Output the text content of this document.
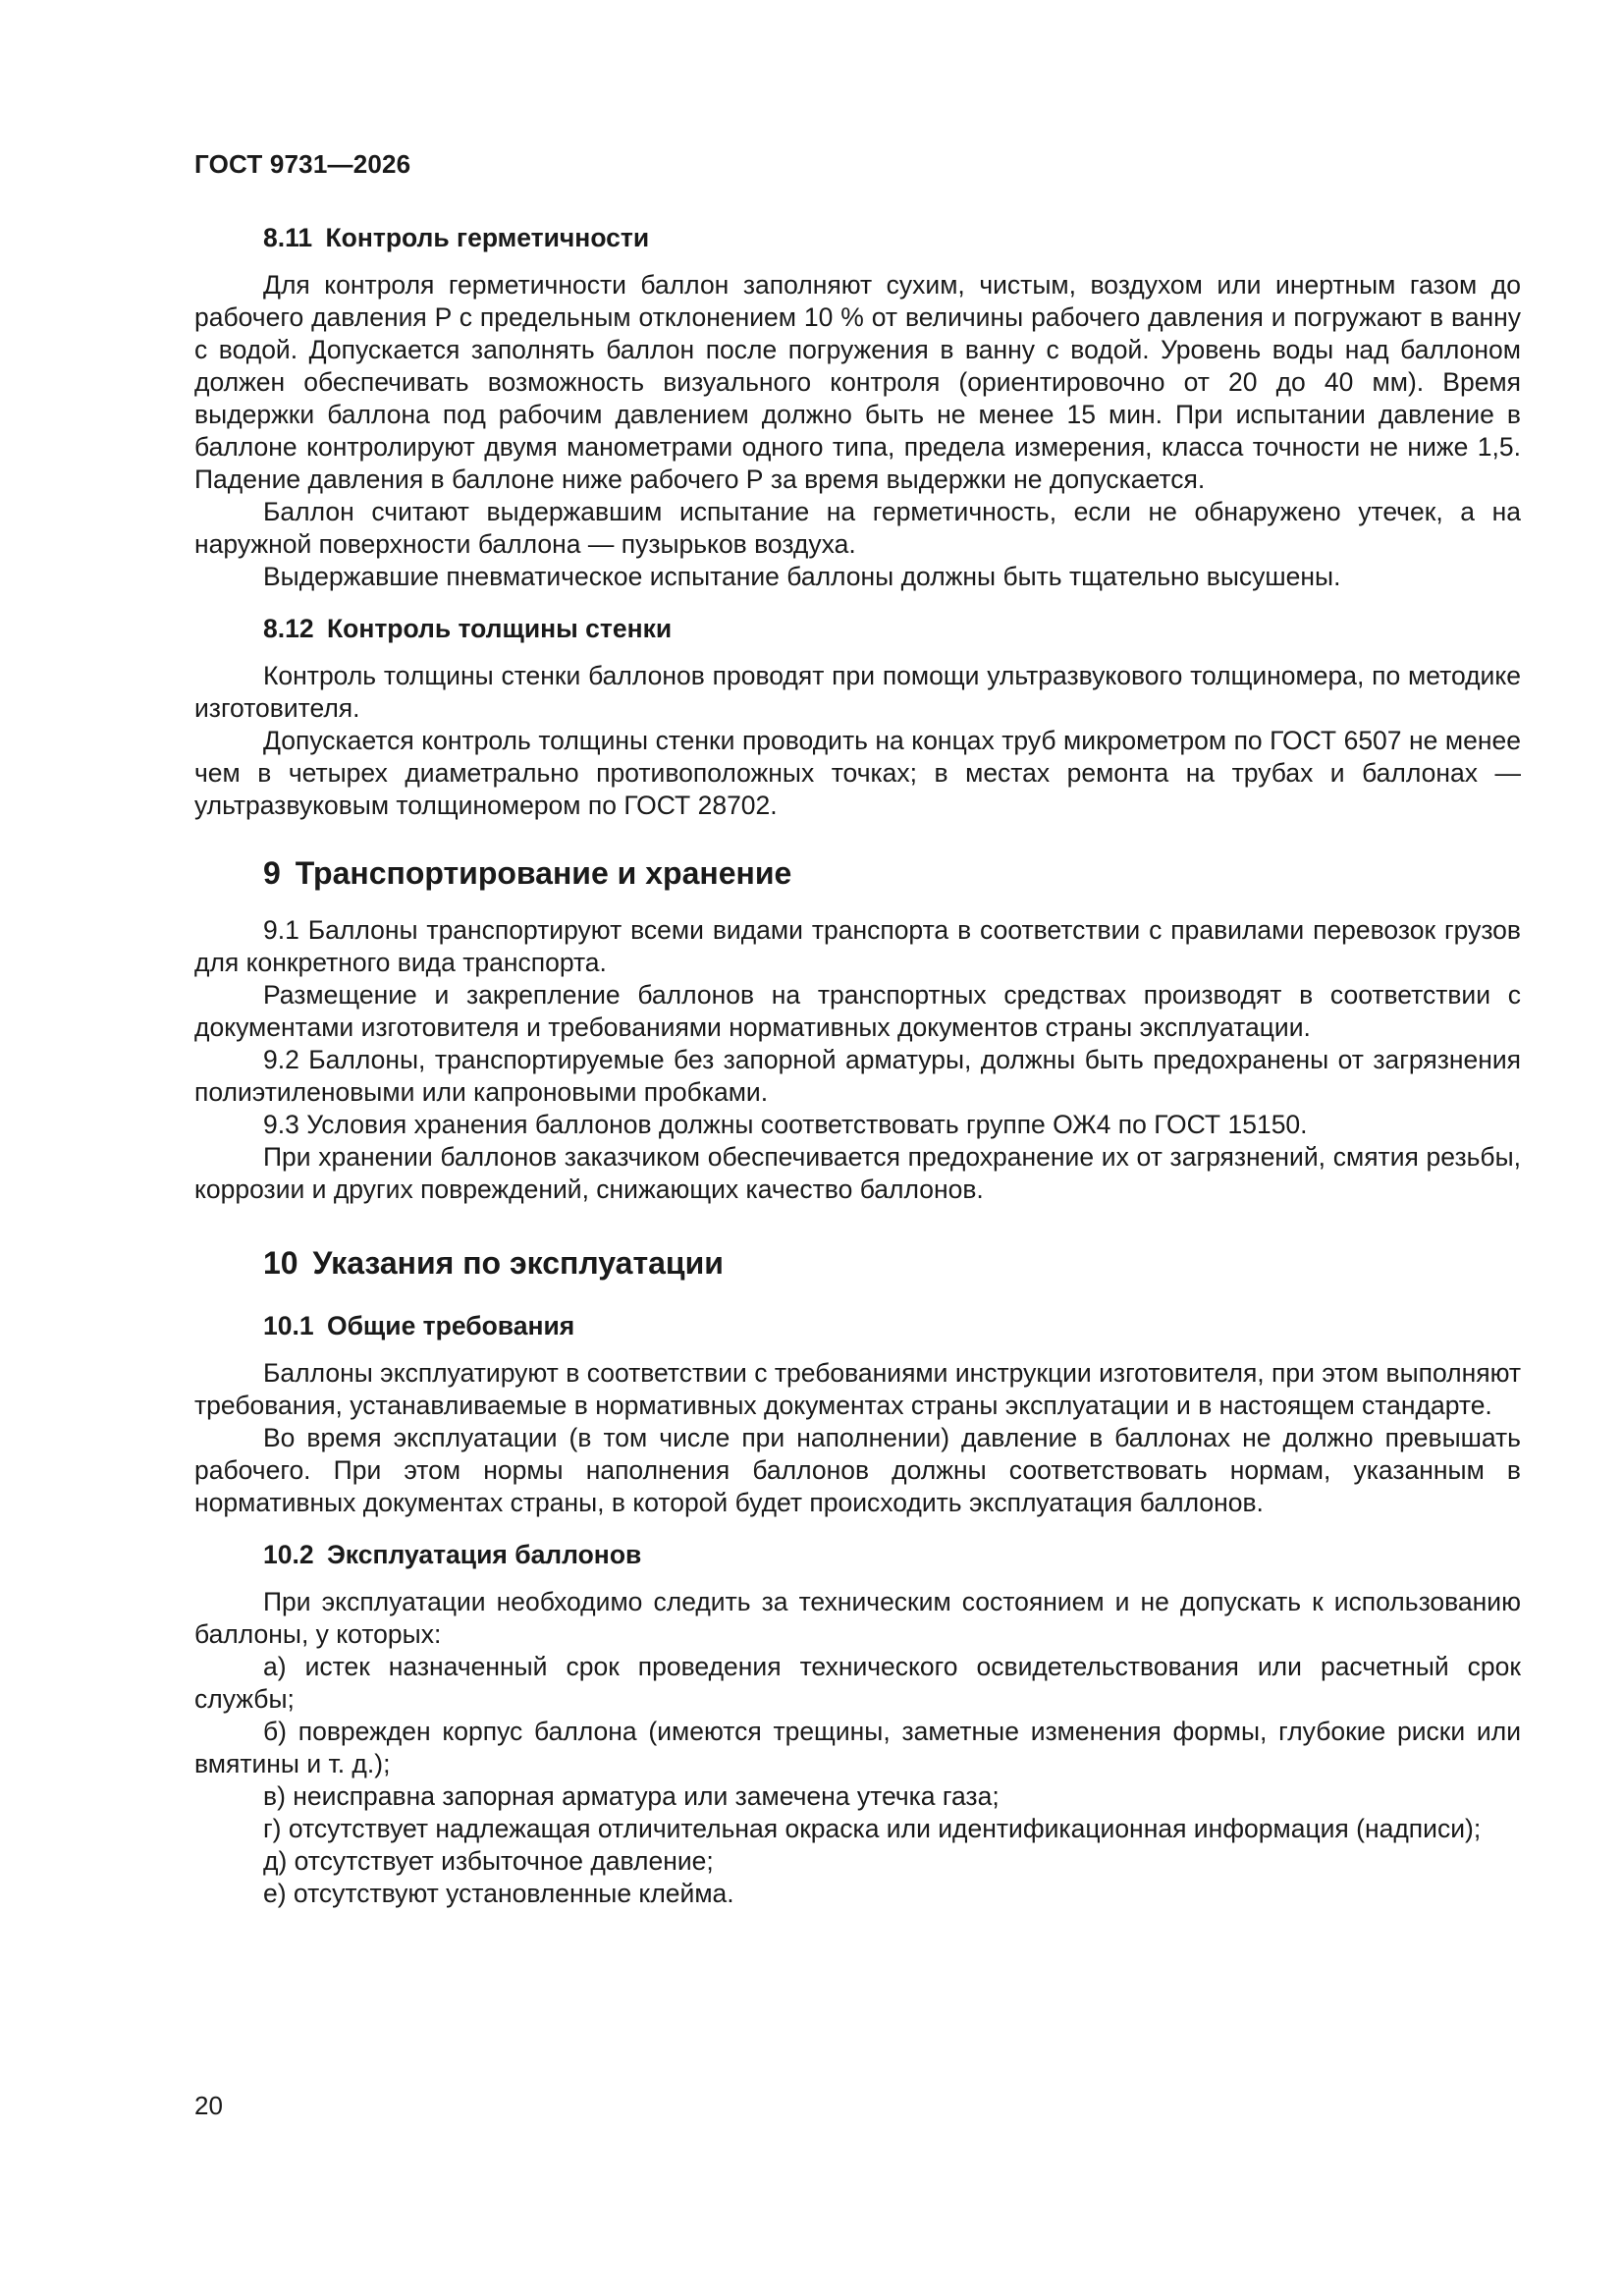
ГОСТ 9731—2026
8.11 Контроль герметичности

Для контроля герметичности баллон заполняют сухим, чистым, воздухом или инертным газом до рабочего давления P с предельным отклонением 10 % от величины рабочего давления и погружают в ванну с водой. Допускается заполнять баллон после погружения в ванну с водой. Уровень воды над баллоном должен обеспечивать возможность визуального контроля (ориентировочно от 20 до 40 мм). Время выдержки баллона под рабочим давлением должно быть не менее 15 мин. При испытании давление в баллоне контролируют двумя манометрами одного типа, предела измерения, класса точности не ниже 1,5. Падение давления в баллоне ниже рабочего Р за время выдержки не допускается.

Баллон считают выдержавшим испытание на герметичность, если не обнаружено утечек, а на наружной поверхности баллона — пузырьков воздуха.

Выдержавшие пневматическое испытание баллоны должны быть тщательно высушены.

8.12 Контроль толщины стенки

Контроль толщины стенки баллонов проводят при помощи ультразвукового толщиномера, по методике изготовителя.

Допускается контроль толщины стенки проводить на концах труб микрометром по ГОСТ 6507 не менее чем в четырех диаметрально противоположных точках; в местах ремонта на трубах и баллонах — ультразвуковым толщиномером по ГОСТ 28702.

9 Транспортирование и хранение

9.1 Баллоны транспортируют всеми видами транспорта в соответствии с правилами перевозок грузов для конкретного вида транспорта.

Размещение и закрепление баллонов на транспортных средствах производят в соответствии с документами изготовителя и требованиями нормативных документов страны эксплуатации.

9.2 Баллоны, транспортируемые без запорной арматуры, должны быть предохранены от загрязнения полиэтиленовыми или капроновыми пробками.

9.3 Условия хранения баллонов должны соответствовать группе ОЖ4 по ГОСТ 15150.

При хранении баллонов заказчиком обеспечивается предохранение их от загрязнений, смятия резьбы, коррозии и других повреждений, снижающих качество баллонов.

10 Указания по эксплуатации
10.1 Общие требования

Баллоны эксплуатируют в соответствии с требованиями инструкции изготовителя, при этом выполняют требования, устанавливаемые в нормативных документах страны эксплуатации и в настоящем стандарте.

Во время эксплуатации (в том числе при наполнении) давление в баллонах не должно превышать рабочего. При этом нормы наполнения баллонов должны соответствовать нормам, указанным в нормативных документах страны, в которой будет происходить эксплуатация баллонов.

10.2 Эксплуатация баллонов

При эксплуатации необходимо следить за техническим состоянием и не допускать к использованию баллоны, у которых:

а) истек назначенный срок проведения технического освидетельствования или расчетный срок службы;

б) поврежден корпус баллона (имеются трещины, заметные изменения формы, глубокие риски или вмятины и т. д.);

в) неисправна запорная арматура или замечена утечка газа;

г) отсутствует надлежащая отличительная окраска или идентификационная информация (надписи);

д) отсутствует избыточное давление;

е) отсутствуют установленные клейма.

20
